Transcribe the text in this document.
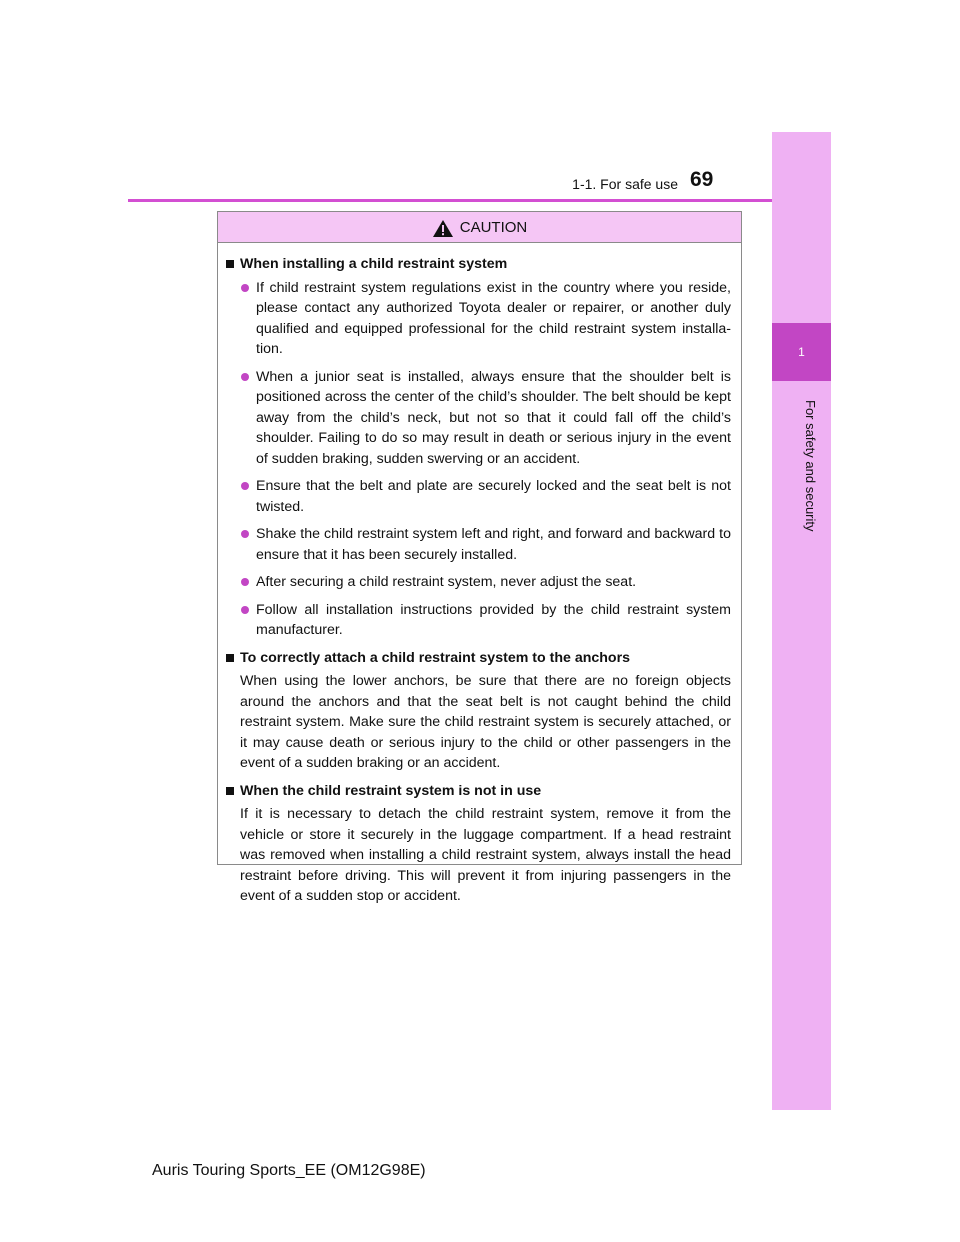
1-1. For safe use 69
1
For safety and security
CAUTION
When installing a child restraint system
If child restraint system regulations exist in the country where you reside, please contact any authorized Toyota dealer or repairer, or another duly qualified and equipped professional for the child restraint system installa-tion.
When a junior seat is installed, always ensure that the shoulder belt is positioned across the center of the child’s shoulder. The belt should be kept away from the child’s neck, but not so that it could fall off the child’s shoulder. Failing to do so may result in death or serious injury in the event of sudden braking, sudden swerving or an accident.
Ensure that the belt and plate are securely locked and the seat belt is not twisted.
Shake the child restraint system left and right, and forward and backward to ensure that it has been securely installed.
After securing a child restraint system, never adjust the seat.
Follow all installation instructions provided by the child restraint system manufacturer.
To correctly attach a child restraint system to the anchors
When using the lower anchors, be sure that there are no foreign objects around the anchors and that the seat belt is not caught behind the child restraint system. Make sure the child restraint system is securely attached, or it may cause death or serious injury to the child or other passengers in the event of a sudden braking or an accident.
When the child restraint system is not in use
If it is necessary to detach the child restraint system, remove it from the vehicle or store it securely in the luggage compartment. If a head restraint was removed when installing a child restraint system, always install the head restraint before driving. This will prevent it from injuring passengers in the event of a sudden stop or accident.
Auris Touring Sports_EE (OM12G98E)
